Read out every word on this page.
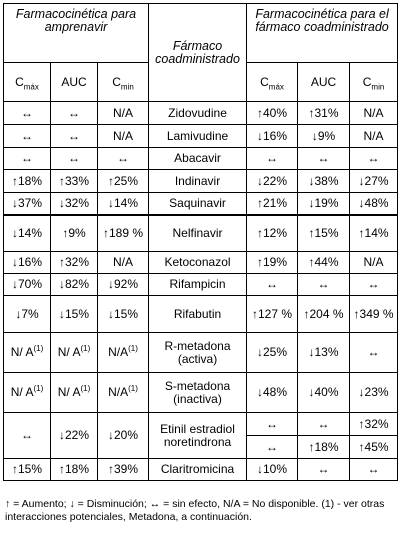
Farmacocinética para amprenavir			Fármaco coadministrado	Farmacocinética para el fármaco coadministrado		
$C_{máx}$	AUC	$C_{min}$		$C_{máx}$	AUC	$C_{min}$
↔	↔	N/A	Zidovudine	↑40%	↑31%	N/A
↔	↔	N/A	Lamivudine	↓16%	↓9%	N/A
↔	↔	↔	Abacavir	↔	↔	↔
↑18%	↑33%	↑25%	Indinavir	↓22%	↓38%	↓27%
↓37%	↓32%	↓14%	Saquinavir	↑21%	↓19%	↓48%
↓14%	↑9%	↑189 %	Nelfinavir	↑12%	↑15%	↑14%
↓16%	↑32%	N/A	Ketoconazol	↑19%	↑44%	N/A
↓70%	↓82%	↓92%	Rifampicin	↔	↔	↔
↓7%	↓15%	↓15%	Rifabutin	↑127 %	↑204 %	↑349 %
N/ $A^{(1)}$	N/ $A^{(1)}$	$N/A^{(1)}$	R-metadona (activa)	↓25%	↓13%	↔
N/ $A^{(1)}$	N/ $A^{(1)}$	$N/A^{(1)}$	S-metadona (inactiva)	↓48%	↓40%	↓23%
↔	↓22%	↓20%	Etinil estradiol noretindrona	↔	↔	↑32%
				↔	↑18%	↑45%
↑15%	↑18%	↑39%	Claritromicina	↓10%	↔	↔
↑ = Aumento; ↓ = Disminución; ↔ = sin efecto, N/A = No disponible. (1) - ver otras interacciones potenciales, Metadona, a continuación.
